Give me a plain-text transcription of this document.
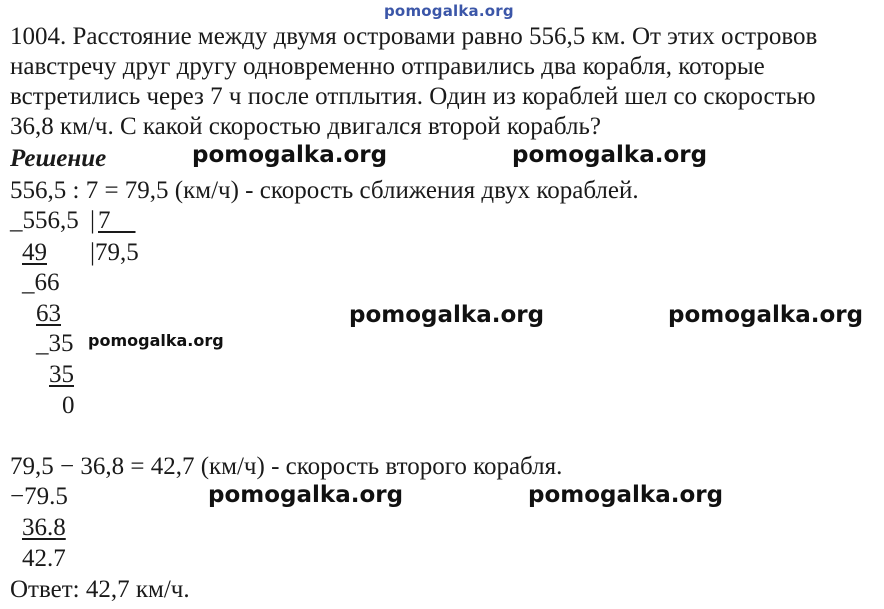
pomogalka.org
1004. Расстояние между двумя островами равно 556,5 км. От этих островов
навстречу друг другу одновременно отправились два корабля, которые
встретились через 7 ч после отплытия. Один из кораблей шел со скоростью
36,8 км/ч. С какой скоростью двигался второй корабль?
Решение	pomogalka.org	pomogalka.org
556,5 : 7 = 79,5 (км/ч) - скорость сближения двух кораблей.
_556,5 | 7
|79,5
49
_66
63
_35
35
0
pomogalka.org
pomogalka.org	pomogalka.org
79,5 − 36,8 = 42,7 (км/ч) - скорость второго корабля.
−79.5
36.8
42.7
pomogalka.org	pomogalka.org
Ответ: 42,7 км/ч.
